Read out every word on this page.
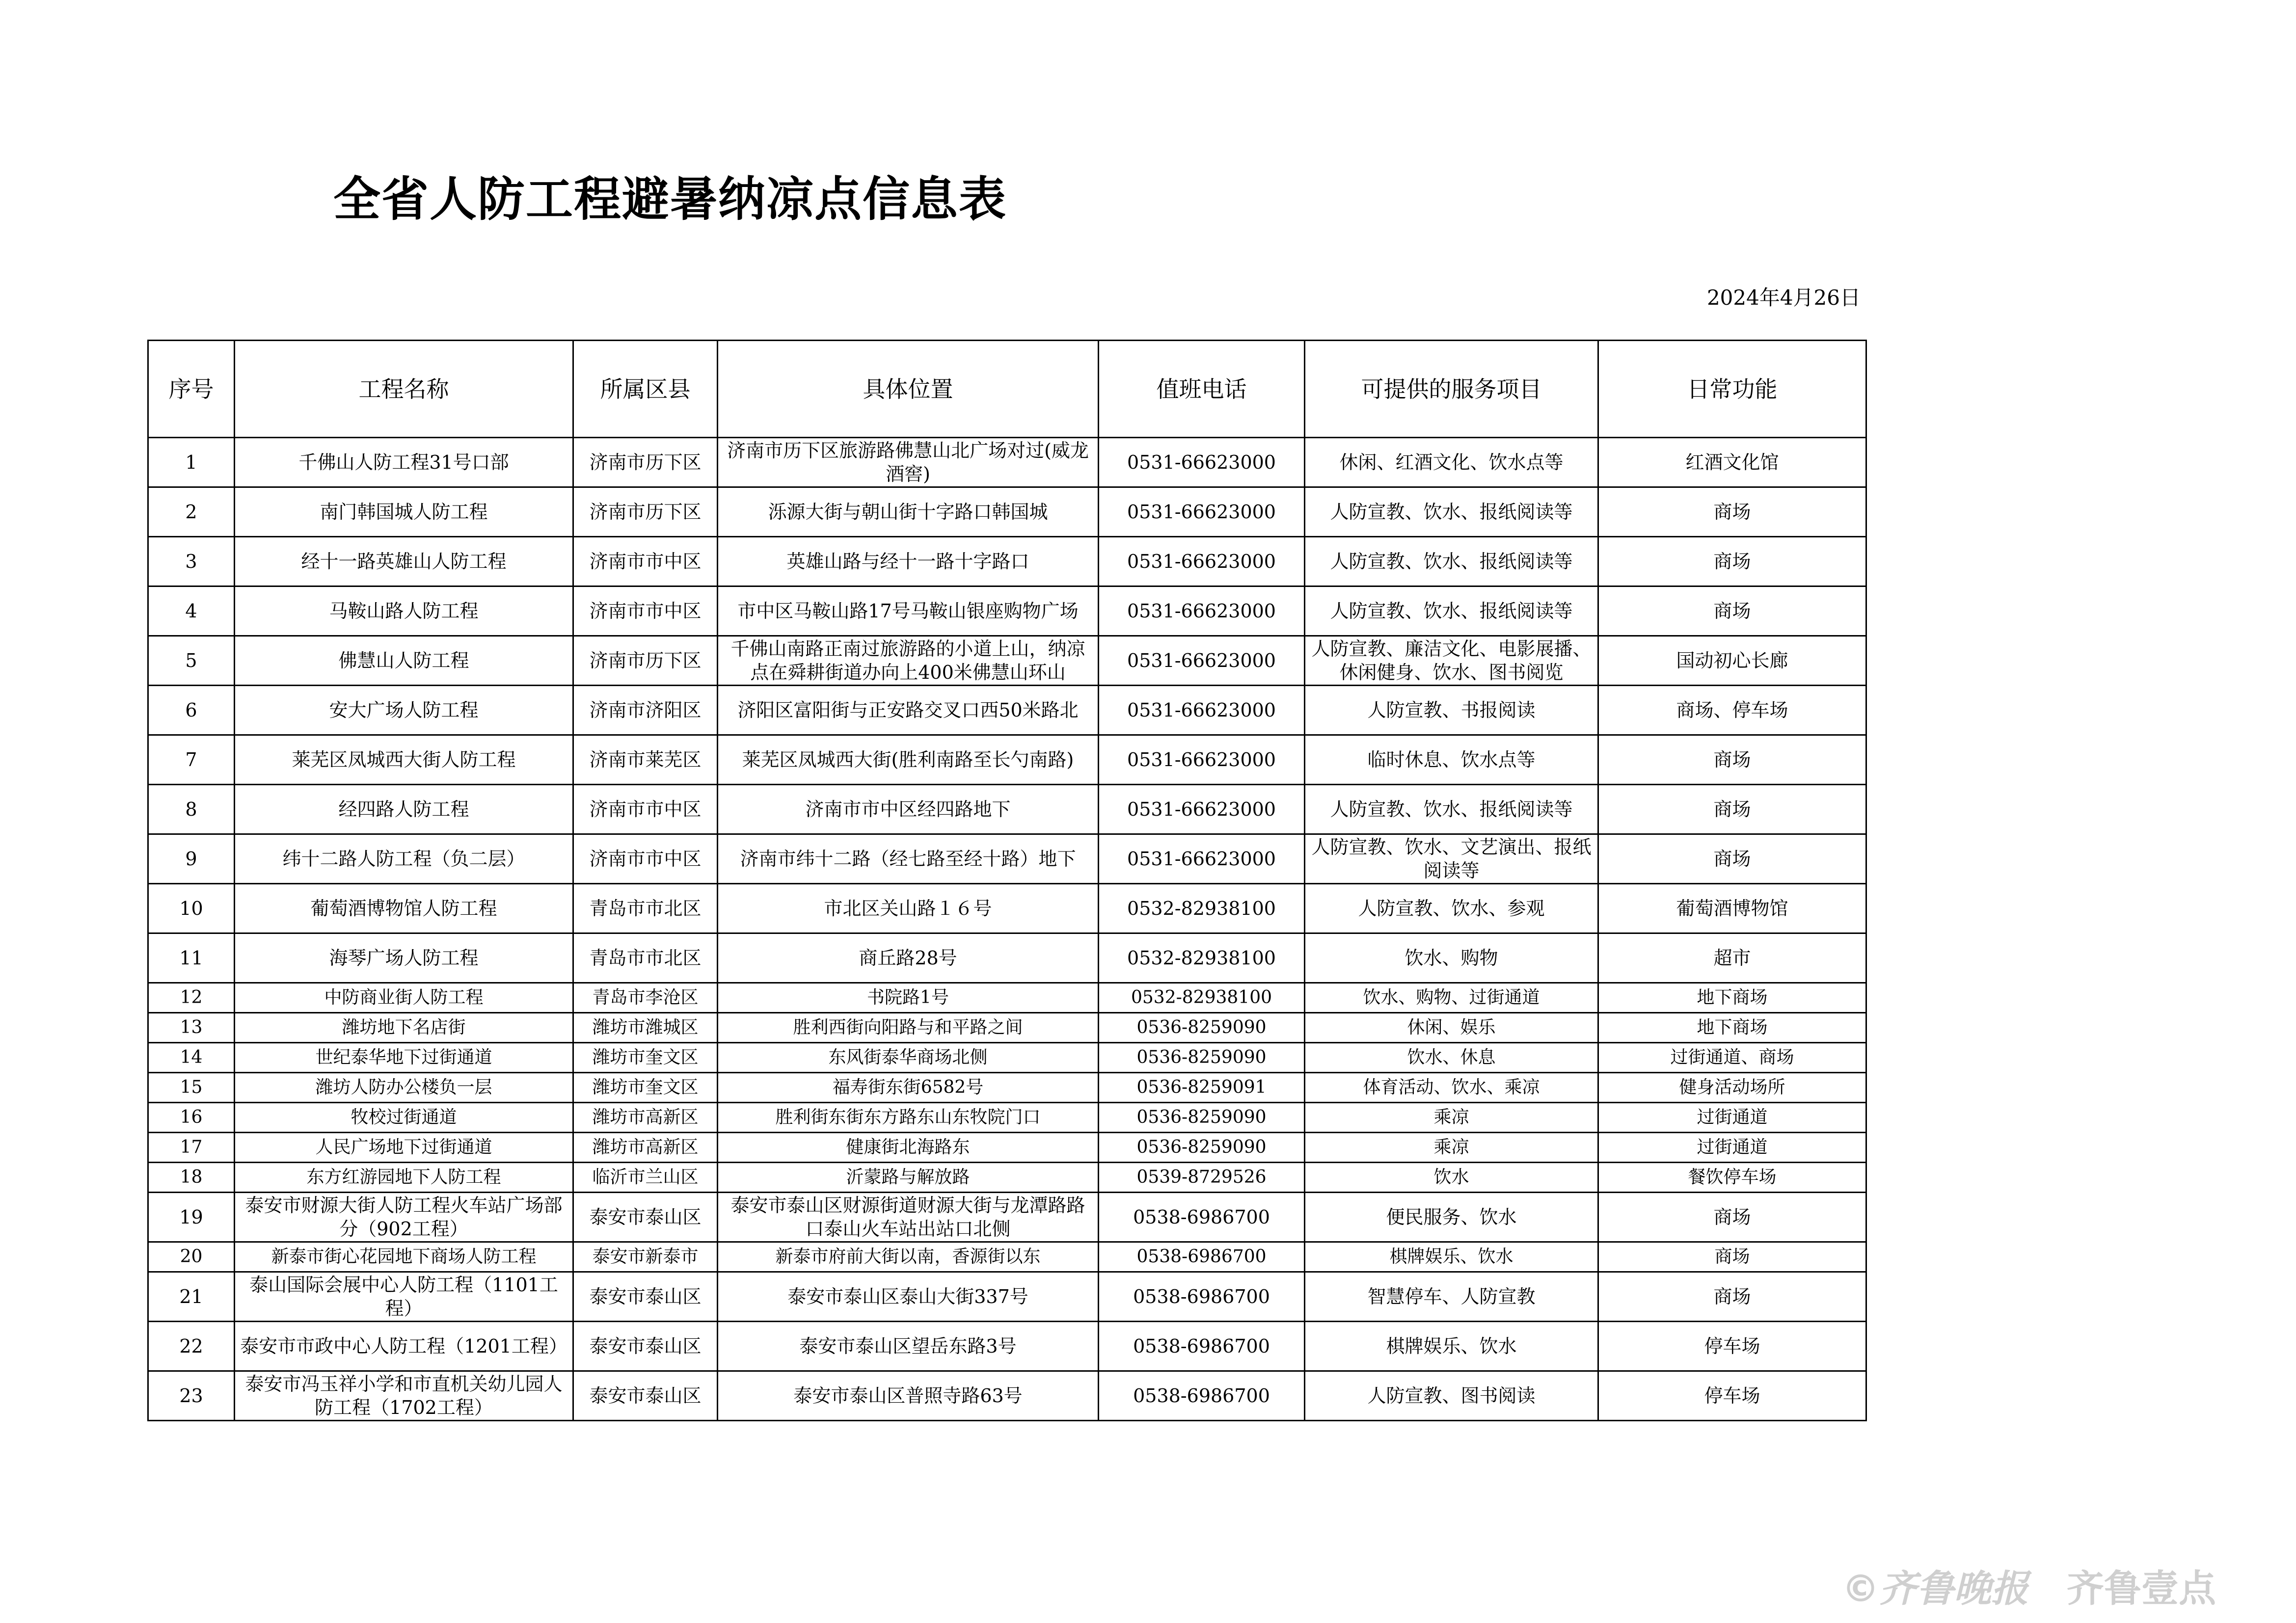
全省人防工程避暑纳凉点信息表
2024年4月26日
序号	工程名称	所属区县	具体位置	值班电话	可提供的服务项目	日常功能
1	千佛山人防工程31号口部	济南市历下区	济南市历下区旅游路佛慧山北广场对过(威龙酒窖)	0531-66623000	休闲、红酒文化、饮水点等	红酒文化馆
2	南门韩国城人防工程	济南市历下区	泺源大街与朝山街十字路口韩国城	0531-66623000	人防宣教、饮水、报纸阅读等	商场
3	经十一路英雄山人防工程	济南市市中区	英雄山路与经十一路十字路口	0531-66623000	人防宣教、饮水、报纸阅读等	商场
4	马鞍山路人防工程	济南市市中区	市中区马鞍山路17号马鞍山银座购物广场	0531-66623000	人防宣教、饮水、报纸阅读等	商场
5	佛慧山人防工程	济南市历下区	千佛山南路正南过旅游路的小道上山，纳凉点在舜耕街道办向上400米佛慧山环山	0531-66623000	人防宣教、廉洁文化、电影展播、休闲健身、饮水、图书阅览	国动初心长廊
6	安大广场人防工程	济南市济阳区	济阳区富阳街与正安路交叉口西50米路北	0531-66623000	人防宣教、书报阅读	商场、停车场
7	莱芜区凤城西大街人防工程	济南市莱芜区	莱芜区凤城西大街(胜利南路至长勺南路)	0531-66623000	临时休息、饮水点等	商场
8	经四路人防工程	济南市市中区	济南市市中区经四路地下	0531-66623000	人防宣教、饮水、报纸阅读等	商场
9	纬十二路人防工程（负二层）	济南市市中区	济南市纬十二路（经七路至经十路）地下	0531-66623000	人防宣教、饮水、文艺演出、报纸阅读等	商场
10	葡萄酒博物馆人防工程	青岛市市北区	市北区关山路１６号	0532-82938100	人防宣教、饮水、参观	葡萄酒博物馆
11	海琴广场人防工程	青岛市市北区	商丘路28号	0532-82938100	饮水、购物	超市
12	中防商业街人防工程	青岛市李沧区	书院路1号	0532-82938100	饮水、购物、过街通道	地下商场
13	潍坊地下名店街	潍坊市潍城区	胜利西街向阳路与和平路之间	0536-8259090	休闲、娱乐	地下商场
14	世纪泰华地下过街通道	潍坊市奎文区	东风街泰华商场北侧	0536-8259090	饮水、休息	过街通道、商场
15	潍坊人防办公楼负一层	潍坊市奎文区	福寿街东街6582号	0536-8259091	体育活动、饮水、乘凉	健身活动场所
16	牧校过街通道	潍坊市高新区	胜利街东街东方路东山东牧院门口	0536-8259090	乘凉	过街通道
17	人民广场地下过街通道	潍坊市高新区	健康街北海路东	0536-8259090	乘凉	过街通道
18	东方红游园地下人防工程	临沂市兰山区	沂蒙路与解放路	0539-8729526	饮水	餐饮停车场
19	泰安市财源大街人防工程火车站广场部分（902工程）	泰安市泰山区	泰安市泰山区财源街道财源大街与龙潭路路口泰山火车站出站口北侧	0538-6986700	便民服务、饮水	商场
20	新泰市街心花园地下商场人防工程	泰安市新泰市	新泰市府前大街以南，香源街以东	0538-6986700	棋牌娱乐、饮水	商场
21	泰山国际会展中心人防工程（1101工程）	泰安市泰山区	泰安市泰山区泰山大街337号	0538-6986700	智慧停车、人防宣教	商场
22	泰安市市政中心人防工程（1201工程）	泰安市泰山区	泰安市泰山区望岳东路3号	0538-6986700	棋牌娱乐、饮水	停车场
23	泰安市冯玉祥小学和市直机关幼儿园人防工程（1702工程）	泰安市泰山区	泰安市泰山区普照寺路63号	0538-6986700	人防宣教、图书阅读	停车场
©齐鲁晚报 齐鲁壹点
